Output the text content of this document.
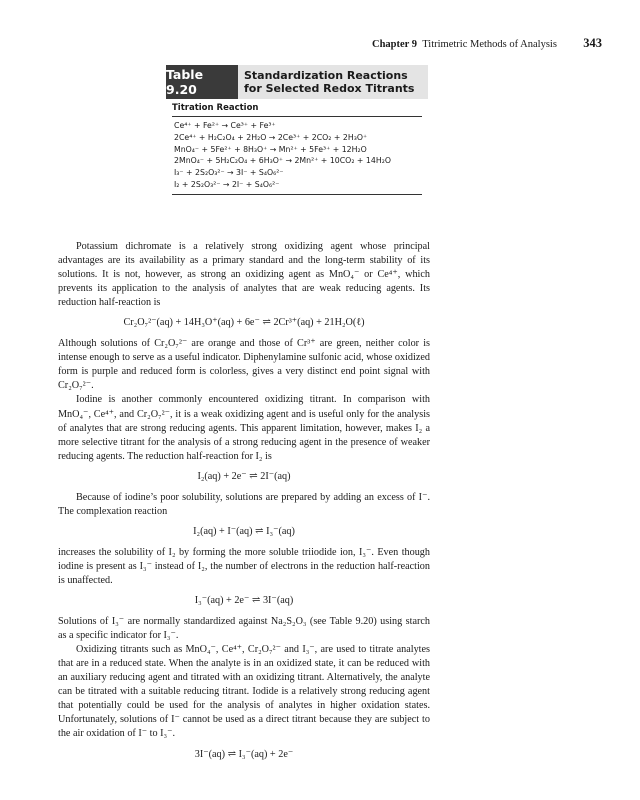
Chapter 9 Titrimetric Methods of Analysis 343
Table 9.20
Standardization Reactions for Selected Redox Titrants
Titration Reaction
Ce⁴⁺ + Fe²⁺ → Ce³⁺ + Fe³⁺
2Ce⁴⁺ + H₂C₂O₄ + 2H₂O → 2Ce³⁺ + 2CO₂ + 2H₃O⁺
MnO₄⁻ + 5Fe²⁺ + 8H₃O⁺ → Mn²⁺ + 5Fe³⁺ + 12H₂O
2MnO₄⁻ + 5H₂C₂O₄ + 6H₃O⁺ → 2Mn²⁺ + 10CO₂ + 14H₂O
I₃⁻ + 2S₂O₃²⁻ → 3I⁻ + S₄O₆²⁻
I₂ + 2S₂O₃²⁻ → 2I⁻ + S₄O₆²⁻

Potassium dichromate is a relatively strong oxidizing agent whose principal advantages are its availability as a primary standard and the long-term stability of its solutions. It is not, however, as strong an oxidizing agent as MnO₄⁻ or Ce⁴⁺, which prevents its application to the analysis of analytes that are weak reducing agents. Its reduction half-reaction is

Cr₂O₇²⁻(aq) + 14H₃O⁺(aq) + 6e⁻ ⇌ 2Cr³⁺(aq) + 21H₂O(ℓ)

Although solutions of Cr₂O₇²⁻ are orange and those of Cr³⁺ are green, neither color is intense enough to serve as a useful indicator. Diphenylamine sulfonic acid, whose oxidized form is purple and reduced form is colorless, gives a very distinct end point signal with Cr₂O₇²⁻.

Iodine is another commonly encountered oxidizing titrant. In comparison with MnO₄⁻, Ce⁴⁺, and Cr₂O₇²⁻, it is a weak oxidizing agent and is useful only for the analysis of analytes that are strong reducing agents. This apparent limitation, however, makes I₂ a more selective titrant for the analysis of a strong reducing agent in the presence of weaker reducing agents. The reduction half-reaction for I₂ is

I₂(aq) + 2e⁻ ⇌ 2I⁻(aq)

Because of iodine’s poor solubility, solutions are prepared by adding an excess of I⁻. The complexation reaction

I₂(aq) + I⁻(aq) ⇌ I₃⁻(aq)

increases the solubility of I₂ by forming the more soluble triiodide ion, I₃⁻. Even though iodine is present as I₃⁻ instead of I₂, the number of electrons in the reduction half-reaction is unaffected.

I₃⁻(aq) + 2e⁻ ⇌ 3I⁻(aq)

Solutions of I₃⁻ are normally standardized against Na₂S₂O₃ (see Table 9.20) using starch as a specific indicator for I₃⁻.

Oxidizing titrants such as MnO₄⁻, Ce⁴⁺, Cr₂O₇²⁻ and I₃⁻, are used to titrate analytes that are in a reduced state. When the analyte is in an oxidized state, it can be reduced with an auxiliary reducing agent and titrated with an oxidizing titrant. Alternatively, the analyte can be titrated with a suitable reducing titrant. Iodide is a relatively strong reducing agent that potentially could be used for the analysis of analytes in higher oxidation states. Unfortunately, solutions of I⁻ cannot be used as a direct titrant because they are subject to the air oxidation of I⁻ to I₃⁻.

3I⁻(aq) ⇌ I₃⁻(aq) + 2e⁻
